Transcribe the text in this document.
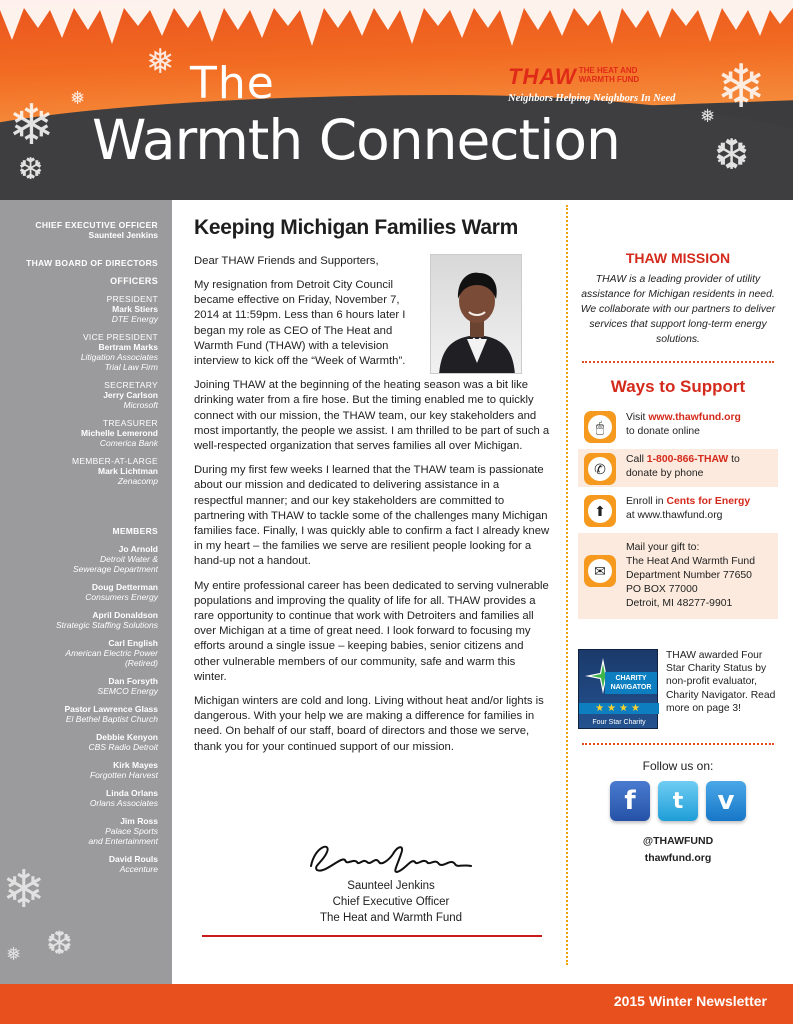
❄
❅
❆
❅	❄
❆
❅
The
Warmth Connection
THAW THE HEAT AND WARMTH FUND
Neighbors Helping Neighbors In Need
CHIEF EXECUTIVE OFFICER
Saunteel Jenkins
THAW BOARD OF DIRECTORS
OFFICERS
PRESIDENT
Mark Stiers
DTE Energy
VICE PRESIDENT
Bertram Marks
Litigation Associates
Trial Law Firm
SECRETARY
Jerry Carlson
Microsoft
TREASURER
Michelle Lemerond
Comerica Bank
MEMBER-AT-LARGE
Mark Lichtman
Zenacomp
MEMBERS
Jo Arnold
Detroit Water &
Sewerage Department
Doug Detterman
Consumers Energy
April Donaldson
Strategic Staffing Solutions
Carl English
American Electric Power
(Retired)
Dan Forsyth
SEMCO Energy
Pastor Lawrence Glass
El Bethel Baptist Church
Debbie Kenyon
CBS Radio Detroit
Kirk Mayes
Forgotten Harvest
Linda Orlans
Orlans Associates
Jim Ross
Palace Sports
and Entertainment
David Rouls
Accenture
❄
❆
❅
Keeping Michigan Families Warm
Dear THAW Friends and Supporters,

My resignation from Detroit City Council became effective on Friday, November 7, 2014 at 11:59pm. Less than 6 hours later I began my role as CEO of The Heat and Warmth Fund (THAW) with a television interview to kick off the “Week of Warmth”.

Joining THAW at the beginning of the heating season was a bit like drinking water from a fire hose. But the timing enabled me to quickly connect with our mission, the THAW team, our key stakeholders and most importantly, the people we assist. I am thrilled to be part of such a well-respected organization that serves families all over Michigan.

During my first few weeks I learned that the THAW team is passionate about our mission and dedicated to delivering assistance in a respectful manner; and our key stakeholders are committed to partnering with THAW to tackle some of the challenges many Michigan families face. Finally, I was quickly able to confirm a fact I already knew in my heart – the families we serve are resilient people looking for a hand-up not a handout.

My entire professional career has been dedicated to serving vulnerable populations and improving the quality of life for all. THAW provides a rare opportunity to continue that work with Detroiters and families all over Michigan at a time of great need. I look forward to focusing my efforts around a single issue – keeping babies, senior citizens and other vulnerable members of our community, safe and warm this winter.

Michigan winters are cold and long. Living without heat and/or lights is dangerous. With your help we are making a difference for families in need. On behalf of our staff, board of directors and those we serve, thank you for your continued support of our mission.

Saunteel Jenkins
Chief Executive Officer
The Heat and Warmth Fund
THAW MISSION
THAW is a leading provider of utility assistance for Michigan residents in need. We collaborate with our partners to deliver services that support long-term energy solutions.
Ways to Support
🖱
Visit www.thawfund.org
to donate online
✆
Call 1-800-866-THAW to donate by phone
⬆
Enroll in Cents for Energy
at www.thawfund.org
✉
Mail your gift to:
The Heat And Warmth Fund
Department Number 77650
PO BOX 77000
Detroit, MI 48277-9901
CHARITY NAVIGATOR
★★★★
Four Star Charity
THAW awarded Four Star Charity Status by non-profit evaluator, Charity Navigator. Read more on page 3!
Follow us on:
f	t	v
@THAWFUND
thawfund.org
2015 Winter Newsletter
